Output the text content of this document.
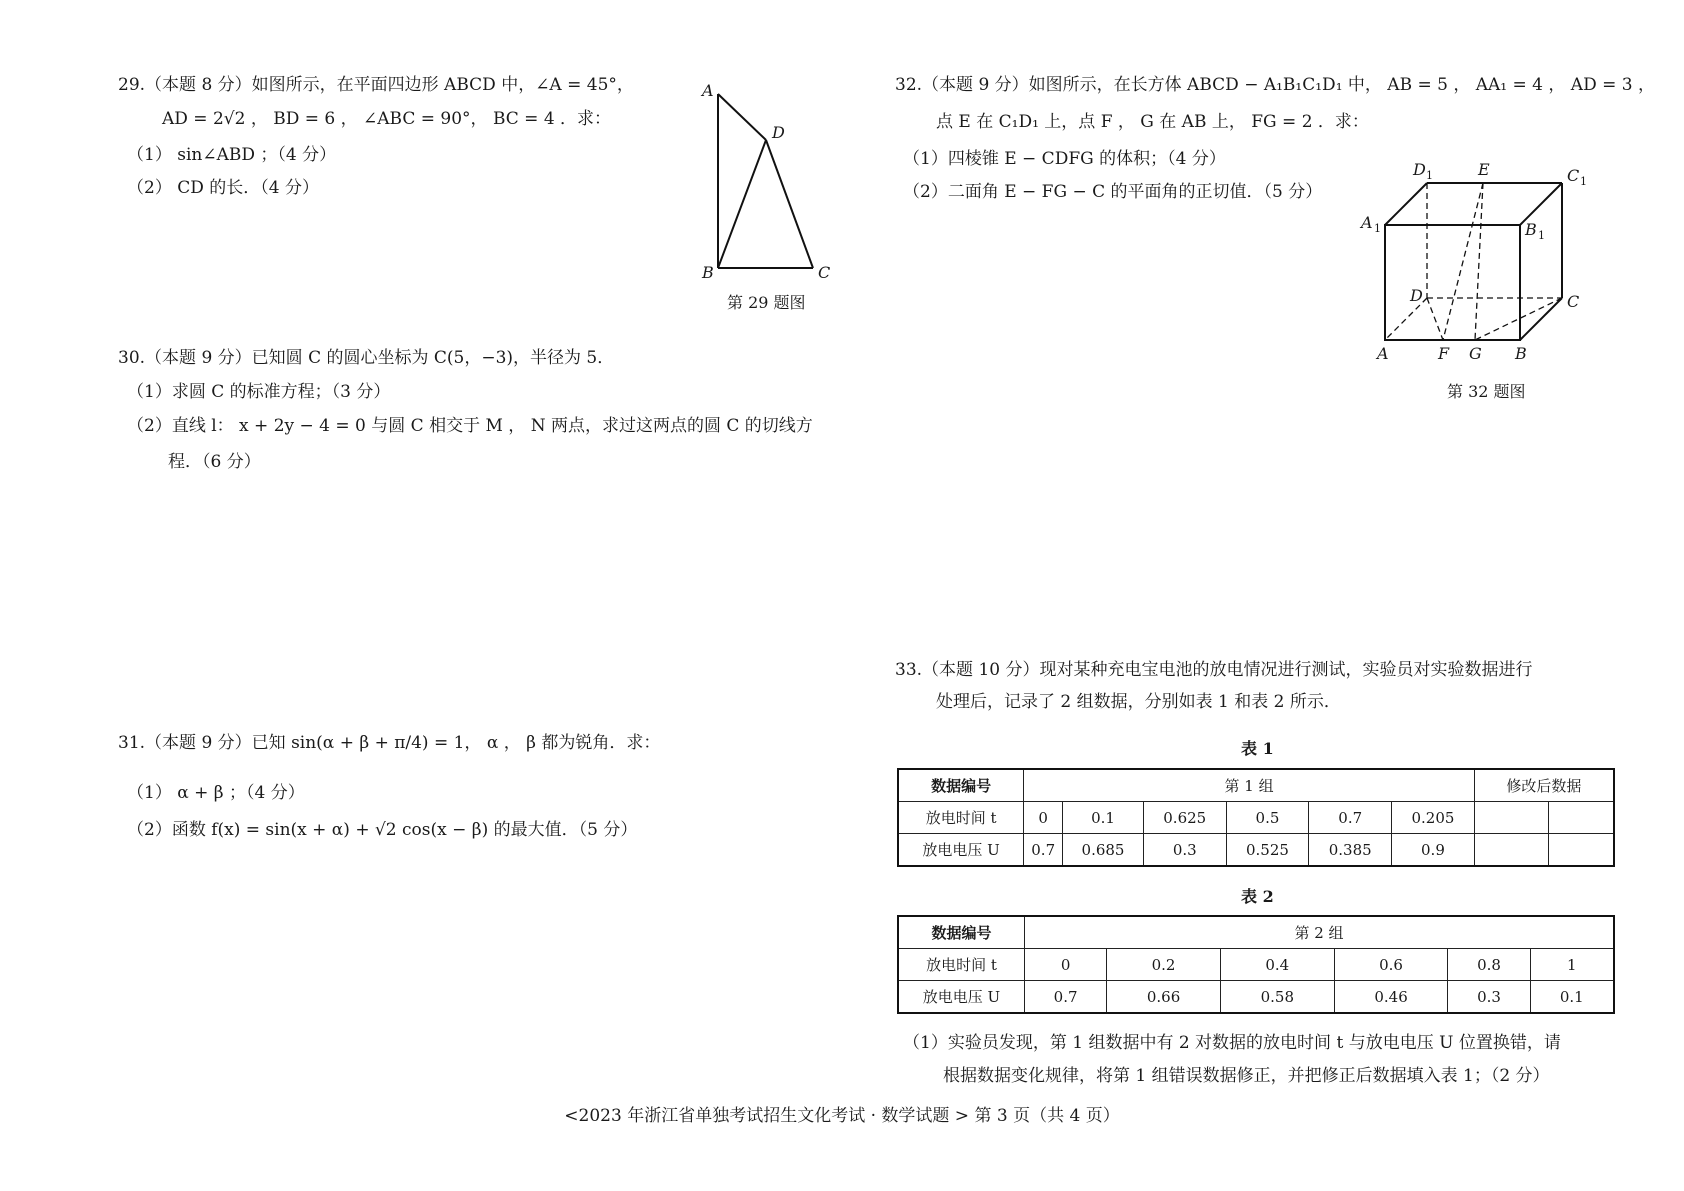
29.（本题 8 分）如图所示，在平面四边形 ABCD 中，∠A = 45°，
AD = 2√2 ， BD = 6 ， ∠ABC = 90°， BC = 4 ．求：
（1） sin∠ABD ；（4 分）
（2） CD 的长．（4 分）
A
D
B	C
第 29 题图
30.（本题 9 分）已知圆 C 的圆心坐标为 C(5，−3)，半径为 5．
（1）求圆 C 的标准方程；（3 分）
（2）直线 l： x + 2y − 4 = 0 与圆 C 相交于 M ， N 两点，求过这两点的圆 C 的切线方
程．（6 分）
31.（本题 9 分）已知 sin(α + β + π/4) = 1， α ， β 都为锐角．求：
（1） α + β ；（4 分）
（2）函数 f(x) = sin(x + α) + √2 cos(x − β) 的最大值．（5 分）
32.（本题 9 分）如图所示，在长方体 ABCD − A₁B₁C₁D₁ 中， AB = 5 ， AA₁ = 4 ， AD = 3 ，
点 E 在 C₁D₁ 上，点 F ， G 在 AB 上， FG = 2 ．求：
（1）四棱锥 E − CDFG 的体积；（4 分）
（2）二面角 E − FG − C 的平面角的正切值．（5 分）
D 1	E	C 1
A 1	B 1
D	C
A	F G B
第 32 题图
33.（本题 10 分）现对某种充电宝电池的放电情况进行测试，实验员对实验数据进行
处理后，记录了 2 组数据，分别如表 1 和表 2 所示．
表 1
数据编号	第 1 组						修改后数据	
放电时间 t	0	0.1	0.625	0.5	0.7	0.205		
放电电压 U	0.7	0.685	0.3	0.525	0.385	0.9		
表 2
数据编号	第 2 组					
放电时间 t	0	0.2	0.4	0.6	0.8	1
放电电压 U	0.7	0.66	0.58	0.46	0.3	0.1
（1）实验员发现，第 1 组数据中有 2 对数据的放电时间 t 与放电电压 U 位置换错，请
根据数据变化规律，将第 1 组错误数据修正，并把修正后数据填入表 1；（2 分）
<2023 年浙江省单独考试招生文化考试 · 数学试题 > 第 3 页（共 4 页）
